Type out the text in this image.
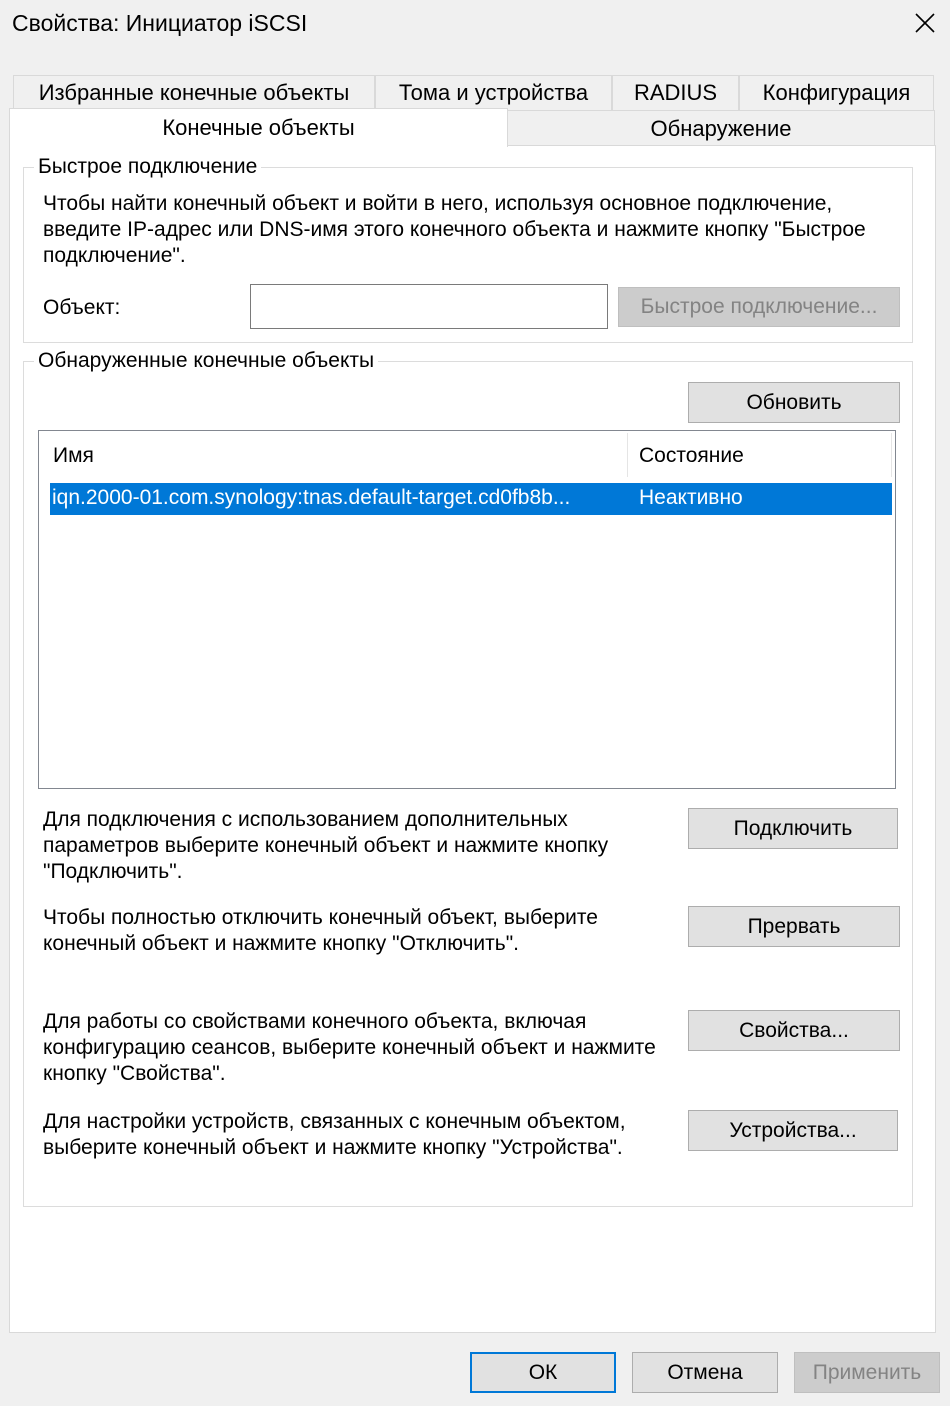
Свойства: Инициатор iSCSI
Избранные конечные объекты	Тома и устройства	RADIUS	Конфигурация
Обнаружение
Конечные объекты
Быстрое подключение
Чтобы найти конечный объект и войти в него, используя основное подключение, введите IP-адрес или DNS-имя этого конечного объекта и нажмите кнопку "Быстрое подключение".
Объект:	Быстрое подключение...
Обнаруженные конечные объекты
Обновить
Имя	Состояние
iqn.2000-01.com.synology:tnas.default-target.cd0fb8b...	Неактивно
Для подключения с использованием дополнительных параметров выберите конечный объект и нажмите кнопку "Подключить".
Подключить
Чтобы полностью отключить конечный объект, выберите конечный объект и нажмите кнопку "Отключить".
Прервать
Для работы со свойствами конечного объекта, включая конфигурацию сеансов, выберите конечный объект и нажмите кнопку "Свойства".
Свойства...
Для настройки устройств, связанных с конечным объектом, выберите конечный объект и нажмите кнопку "Устройства".
Устройства...
ОК	Отмена	Применить
